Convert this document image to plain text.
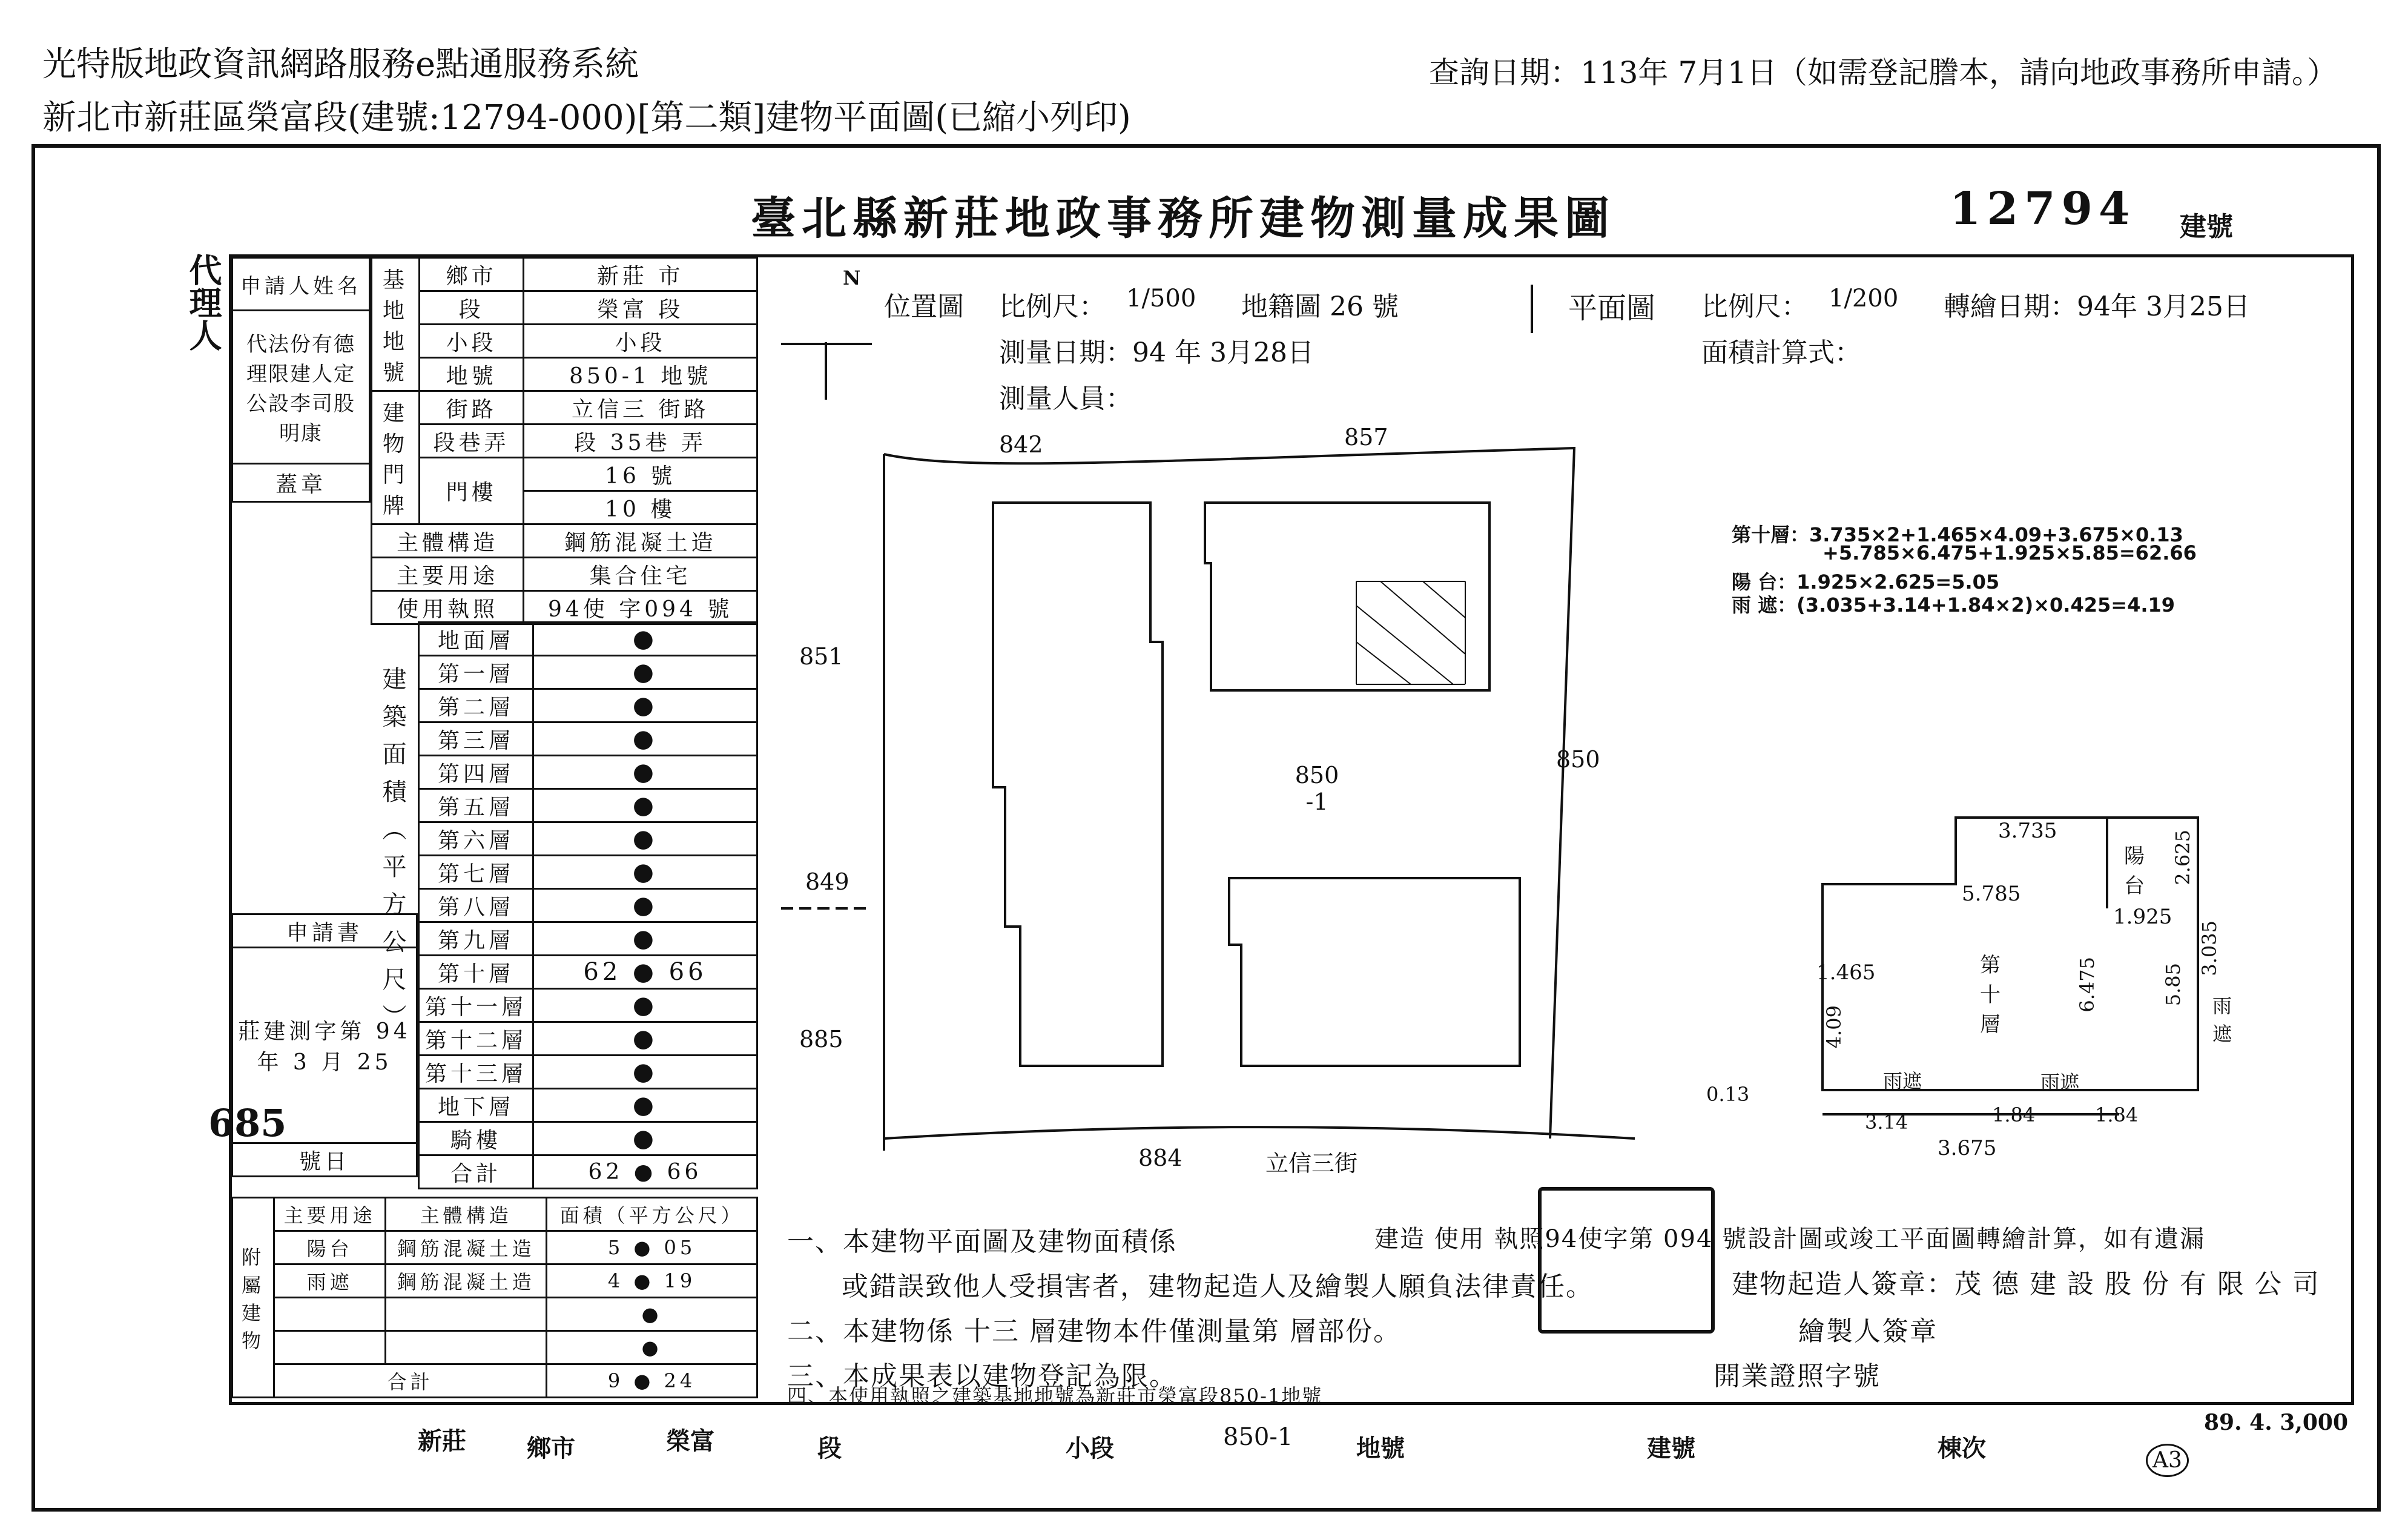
光特版地政資訊網路服務e點通服務系統
新北市新莊區榮富段(建號:12794-000)[第二類]建物平面圖(已縮小列印)
查詢日期：113年 7月1日（如需登記謄本，請向地政事務所申請。）
臺北縣新莊地政事務所建物測量成果圖	12794 建號
代理人 申請人姓名
代法份有德理限建人定公設李司股明康
蓋章
基地地號	鄉市	新莊 市
	段	榮富 段
	小段	小段
	地號	850-1 地號
建物門牌	街路	立信三 街路
	段巷弄	段 35巷 弄
	門樓	16 號
		10 樓
主體構造		鋼筋混凝土造
主要用途		集合住宅
使用執照		94使 字094 號
建築面積（平方公尺）
地面層	●
第一層	●
第二層	●
第三層	●
第四層	●
第五層	●
第六層	●
第七層	●
第八層	●
第九層	●
第十層	62 ● 66
第十一層	●
第十二層	●
第十三層	●
地下層	●
騎樓	●
合計	62 ● 66
申請書
莊建測字第 94 年 3 月 25
號日
685
附屬建物	主要用途	主體構造	面積（平方公尺）
	陽台	鋼筋混凝土造	5 ● 05
	雨遮	鋼筋混凝土造	4 ● 19
			●
			●
	合計		9 ● 24
N
位置圖 比例尺： 1/500 地籍圖 26 號
測量日期：94 年 3月28日
測量人員：
平面圖 比例尺： 1/200 轉繪日期：94年 3月25日
面積計算式：
842	857
851
850
849
885
884
850 -1
立信三街
第十層：3.735×2+1.465×4.09+3.675×0.13
+5.785×6.475+1.925×5.85=62.66
陽 台：1.925×2.625=5.05
雨 遮：(3.035+3.14+1.84×2)×0.425=4.19
3.735
5.785
1.925
2.625
3.035
1.465	6.475	5.85
4.09
0.13
3.14	1.84	1.84
3.675
陽台
雨遮	雨遮
雨遮
第十層
一、本建物平面圖及建物面積係	建造 使用 執照94使字第 094 號設計圖或竣工平面圖轉繪計算，如有遺漏
或錯誤致他人受損害者，建物起造人及繪製人願負法律責任。	建物起造人簽章：茂 德 建 設 股 份 有 限 公 司
二、本建物係 十三 層建物本件僅測量第 層部份。	繪製人簽章
三、本成果表以建物登記為限。	開業證照字號
四、本使用執照之建築基地地號為新莊市榮富段850-1地號
新莊	鄉市	榮富	段	小段	850-1	地號	建號	棟次
89. 4. 3,000
A3
